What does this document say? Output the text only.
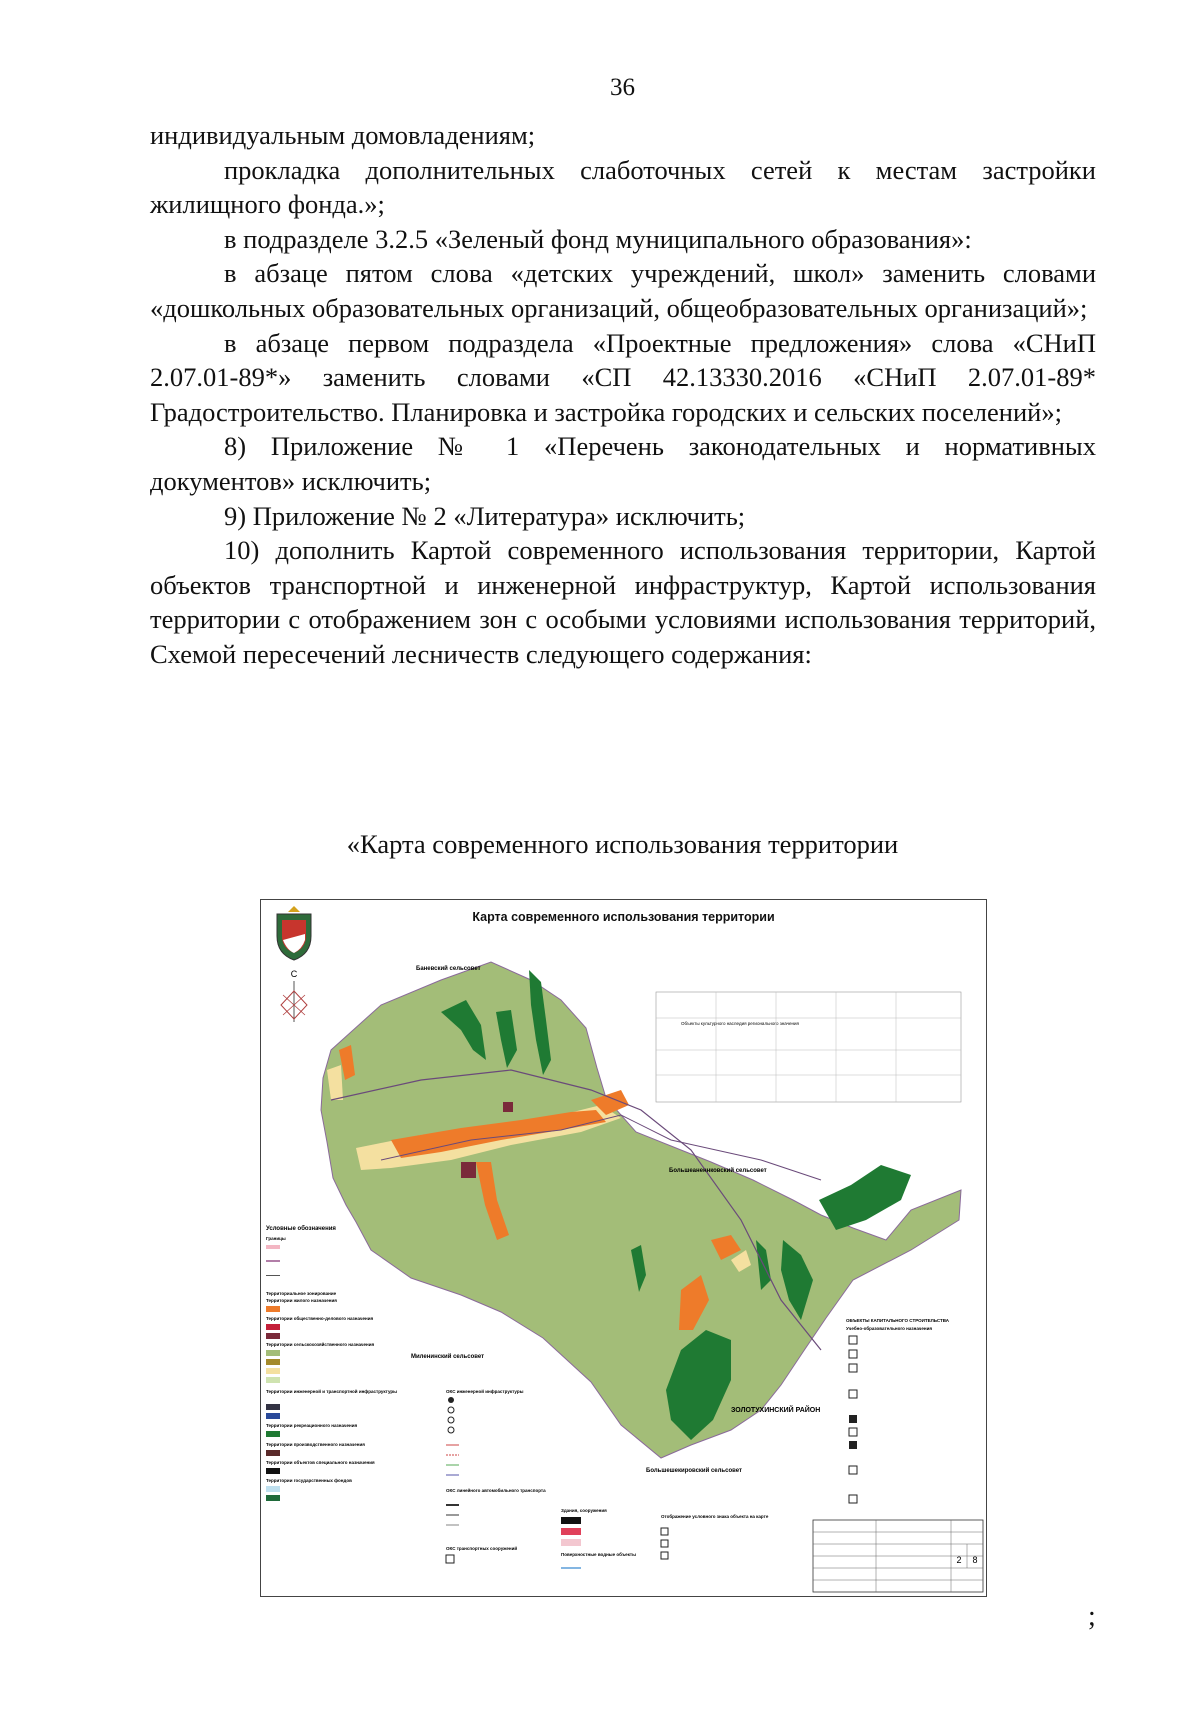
36

индивидуальным домовладениям;

прокладка дополнительных слаботочных сетей к местам застройки жилищного фонда.»;

в подразделе 3.2.5 «Зеленый фонд муниципального образования»:

в абзаце пятом слова «детских учреждений, школ» заменить словами «дошкольных образовательных организаций, общеобразовательных организаций»;

в абзаце первом подраздела «Проектные предложения» слова «СНиП 2.07.01-89*» заменить словами «СП 42.13330.2016 «СНиП 2.07.01-89* Градостроительство. Планировка и застройка городских и сельских поселений»;

8) Приложение № 1 «Перечень законодательных и нормативных документов» исключить;

9) Приложение № 2 «Литература» исключить;

10) дополнить Картой современного использования территории, Картой объектов транспортной и инженерной инфраструктур, Картой использования территории с отображением зон с особыми условиями использования территорий, Схемой пересечений лесничеств следующего содержания:

«Карта современного использования территории
Карта современного использования территории
С	Баневский сельсовет
Большеаненнковский сельсовет
Миленинский сельсовет
ЗОЛОТУХИНСКИЙ РАЙОН
Большешекировский сельсовет
Объекты культурного наследия регионального значения
Условные обозначения
Границы
Территориальное зонирование
Территории жилого назначения
Территории общественно-делового назначения
Территории сельскохозяйственного назначения
Территории инженерной и транспортной инфраструктуры
Территории рекреационного назначения
Территории производственного назначения
Территории объектов специального назначения
Территории государственных фондов
ОКС инженерной инфраструктуры
ОКС линейного автомобильного транспорта
ОКС транспортных сооружений
Здания, сооружения
Поверхностные водные объекты
Отображение условного знака объекта на карте
ОБЪЕКТЫ КАПИТАЛЬНОГО СТРОИТЕЛЬСТВА
Учебно-образовательного назначения
2 8
;
